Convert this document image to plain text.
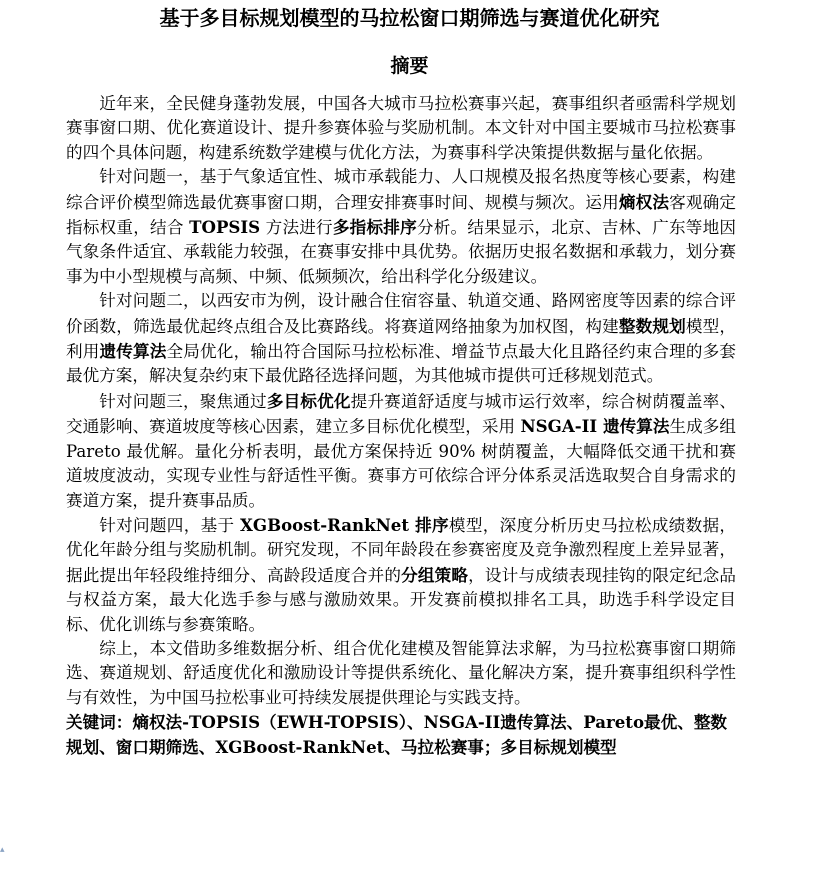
基于多目标规划模型的马拉松窗口期筛选与赛道优化研究
摘要

近年来，全民健身蓬勃发展，中国各大城市马拉松赛事兴起，赛事组织者亟需科学规划赛事窗口期、优化赛道设计、提升参赛体验与奖励机制。本文针对中国主要城市马拉松赛事的四个具体问题，构建系统数学建模与优化方法，为赛事科学决策提供数据与量化依据。

针对问题一，基于气象适宜性、城市承载能力、人口规模及报名热度等核心要素，构建综合评价模型筛选最优赛事窗口期，合理安排赛事时间、规模与频次。运用熵权法客观确定指标权重，结合 TOPSIS 方法进行多指标排序分析。结果显示，北京、吉林、广东等地因气象条件适宜、承载能力较强，在赛事安排中具优势。依据历史报名数据和承载力，划分赛事为中小型规模与高频、中频、低频频次，给出科学化分级建议。

针对问题二，以西安市为例，设计融合住宿容量、轨道交通、路网密度等因素的综合评价函数，筛选最优起终点组合及比赛路线。将赛道网络抽象为加权图，构建整数规划模型，利用遗传算法全局优化，输出符合国际马拉松标准、增益节点最大化且路径约束合理的多套最优方案，解决复杂约束下最优路径选择问题，为其他城市提供可迁移规划范式。

针对问题三，聚焦通过多目标优化提升赛道舒适度与城市运行效率，综合树荫覆盖率、交通影响、赛道坡度等核心因素，建立多目标优化模型，采用 NSGA-II 遗传算法生成多组 Pareto 最优解。量化分析表明，最优方案保持近 90% 树荫覆盖，大幅降低交通干扰和赛道坡度波动，实现专业性与舒适性平衡。赛事方可依综合评分体系灵活选取契合自身需求的赛道方案，提升赛事品质。

针对问题四，基于 XGBoost-RankNet 排序模型，深度分析历史马拉松成绩数据，优化年龄分组与奖励机制。研究发现，不同年龄段在参赛密度及竞争激烈程度上差异显著，据此提出年轻段维持细分、高龄段适度合并的分组策略，设计与成绩表现挂钩的限定纪念品与权益方案，最大化选手参与感与激励效果。开发赛前模拟排名工具，助选手科学设定目标、优化训练与参赛策略。

综上，本文借助多维数据分析、组合优化建模及智能算法求解，为马拉松赛事窗口期筛选、赛道规划、舒适度优化和激励设计等提供系统化、量化解决方案，提升赛事组织科学性与有效性，为中国马拉松事业可持续发展提供理论与实践支持。

关键词：熵权法-TOPSIS（EWH-TOPSIS）、NSGA-II遗传算法、Pareto最优、整数规划、窗口期筛选、XGBoost-RankNet、马拉松赛事；多目标规划模型

▴
